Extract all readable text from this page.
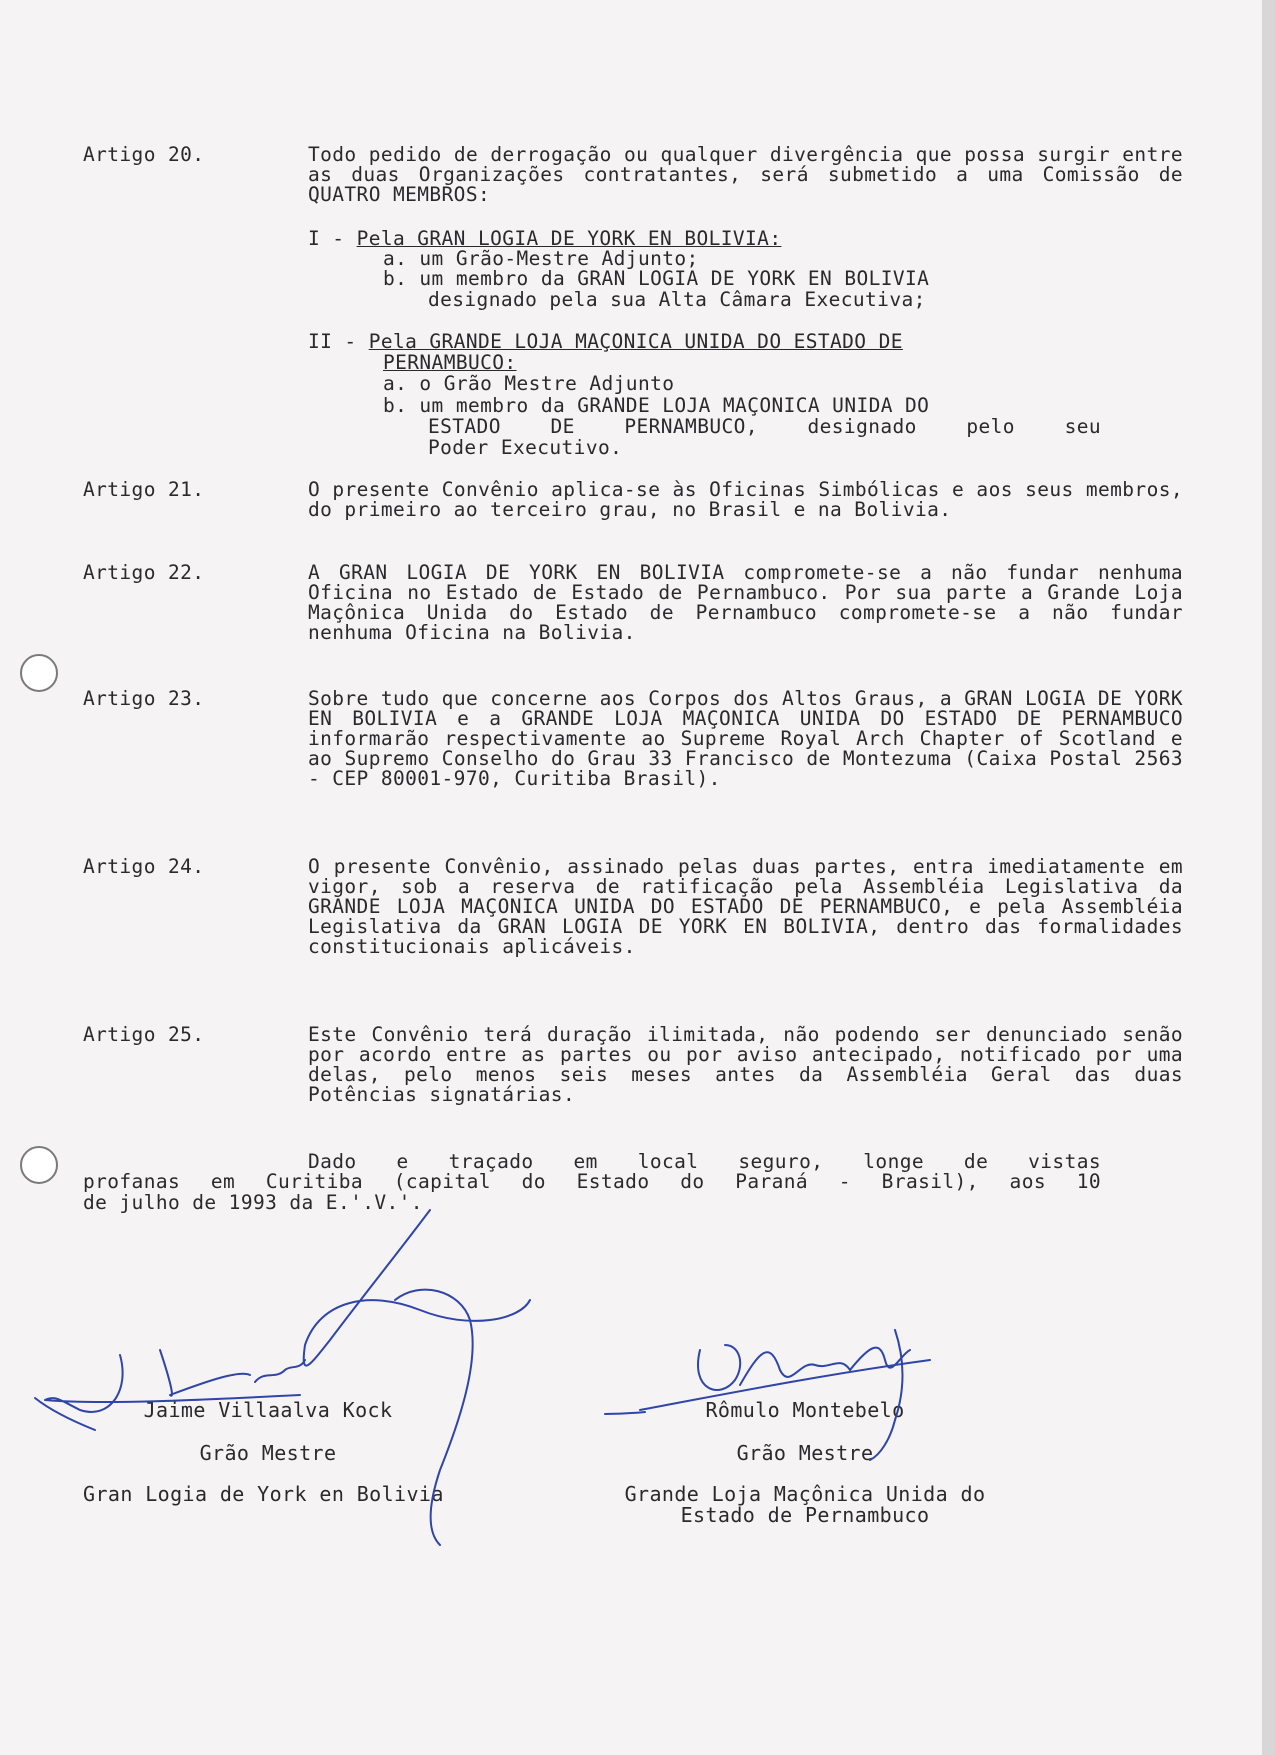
Artigo 20.	Todo pedido de derrogação ou qualquer divergência que possa surgir entre as duas Organizações contratantes, será submetido a uma Comissão de QUATRO MEMBROS:
I - Pela GRAN LOGIA DE YORK EN BOLIVIA:
a. um Grão-Mestre Adjunto;
b. um membro da GRAN LOGIA DE YORK EN BOLIVIA
designado pela sua Alta Câmara Executiva;
II - Pela GRANDE LOJA MAÇONICA UNIDA DO ESTADO DE
PERNAMBUCO:
a. o Grão Mestre Adjunto
b. um membro da GRANDE LOJA MAÇONICA UNIDA DO
ESTADO DE PERNAMBUCO, designado pelo seu
Poder Executivo.
Artigo 21.	O presente Convênio aplica-se às Oficinas Simbólicas e aos seus membros, do primeiro ao terceiro grau, no Brasil e na Bolivia.
Artigo 22.	A GRAN LOGIA DE YORK EN BOLIVIA compromete-se a não fundar nenhuma Oficina no Estado de Estado de Pernambuco. Por sua parte a Grande Loja Maçônica Unida do Estado de Pernambuco compromete-se a não fundar nenhuma Oficina na Bolivia.
Artigo 23.	Sobre tudo que concerne aos Corpos dos Altos Graus, a GRAN LOGIA DE YORK EN BOLIVIA e a GRANDE LOJA MAÇONICA UNIDA DO ESTADO DE PERNAMBUCO informarão respectivamente ao Supreme Royal Arch Chapter of Scotland e ao Supremo Conselho do Grau 33 Francisco de Montezuma (Caixa Postal 2563 - CEP 80001-970, Curitiba Brasil).
Artigo 24.	O presente Convênio, assinado pelas duas partes, entra imediatamente em vigor, sob a reserva de ratificação pela Assembléia Legislativa da GRANDE LOJA MAÇONICA UNIDA DO ESTADO DE PERNAMBUCO, e pela Assembléia Legislativa da GRAN LOGIA DE YORK EN BOLIVIA, dentro das formalidades constitucionais aplicáveis.
Artigo 25.	Este Convênio terá duração ilimitada, não podendo ser denunciado senão por acordo entre as partes ou por aviso antecipado, notificado por uma delas, pelo menos seis meses antes da Assembléia Geral das duas Potências signatárias.
Dado e traçado em local seguro, longe de vistas
profanas em Curitiba (capital do Estado do Paraná - Brasil), aos 10
de julho de 1993 da E.'.V.'.
Jaime Villaalva Kock
Grão Mestre
Gran Logia de York en Bolivia
Rômulo Montebelo
Grão Mestre
Grande Loja Maçônica Unida do
Estado de Pernambuco
